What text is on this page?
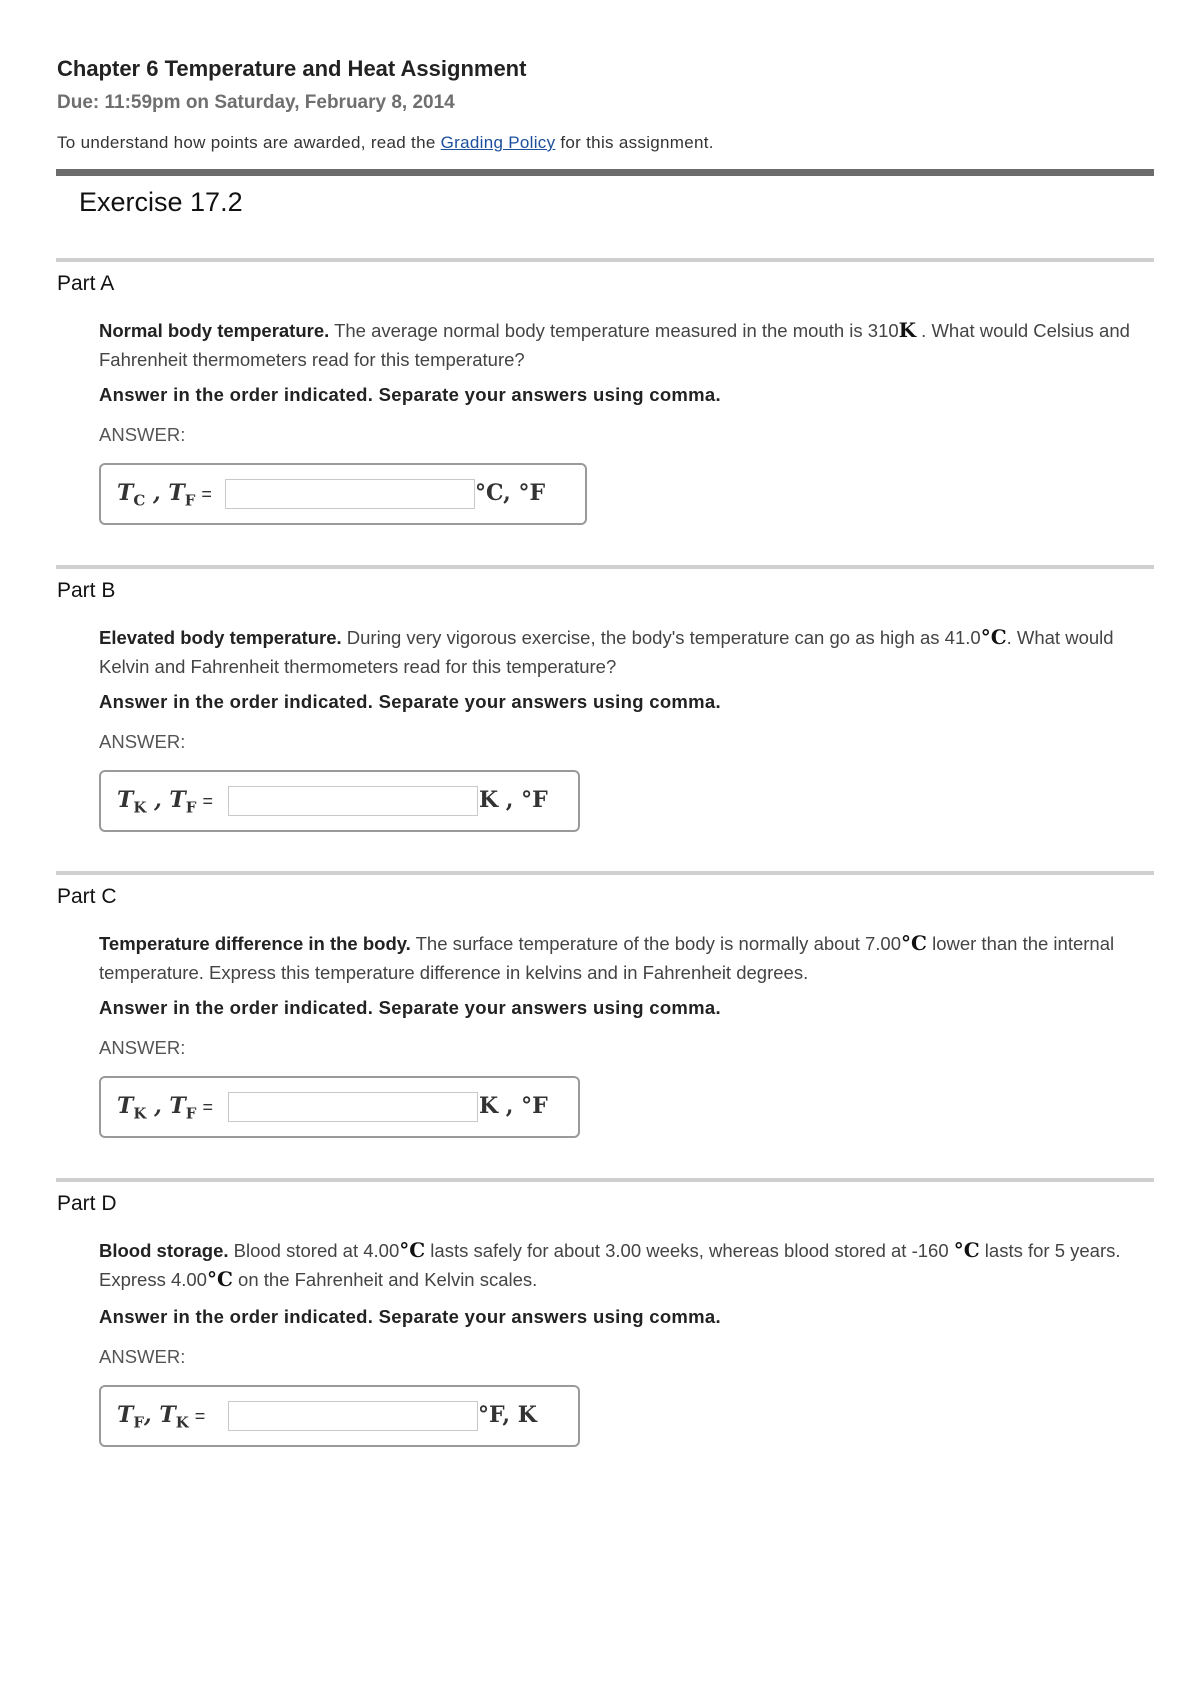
Chapter 6 Temperature and Heat Assignment
Due: 11:59pm on Saturday, February 8, 2014
To understand how points are awarded, read the Grading Policy for this assignment.
Exercise 17.2
Part A
Normal body temperature. The average normal body temperature measured in the mouth is 310K . What would Celsius and Fahrenheit thermometers read for this temperature?
Answer in the order indicated. Separate your answers using comma.
ANSWER:
$T_C$ , $T_F$ =	°C, °F
Part B
Elevated body temperature. During very vigorous exercise, the body's temperature can go as high as 41.0°C. What would Kelvin and Fahrenheit thermometers read for this temperature?
Answer in the order indicated. Separate your answers using comma.
ANSWER:
$T_K$ , $T_F$ =	K , °F
Part C
Temperature difference in the body. The surface temperature of the body is normally about 7.00°C lower than the internal temperature. Express this temperature difference in kelvins and in Fahrenheit degrees.
Answer in the order indicated. Separate your answers using comma.
ANSWER:
$T_K$ , $T_F$ =	K , °F
Part D
Blood storage. Blood stored at 4.00°C lasts safely for about 3.00 weeks, whereas blood stored at -160 °C lasts for 5 years. Express 4.00°C on the Fahrenheit and Kelvin scales.
Answer in the order indicated. Separate your answers using comma.
ANSWER:
$T_F$, $T_K$ =	°F, K
